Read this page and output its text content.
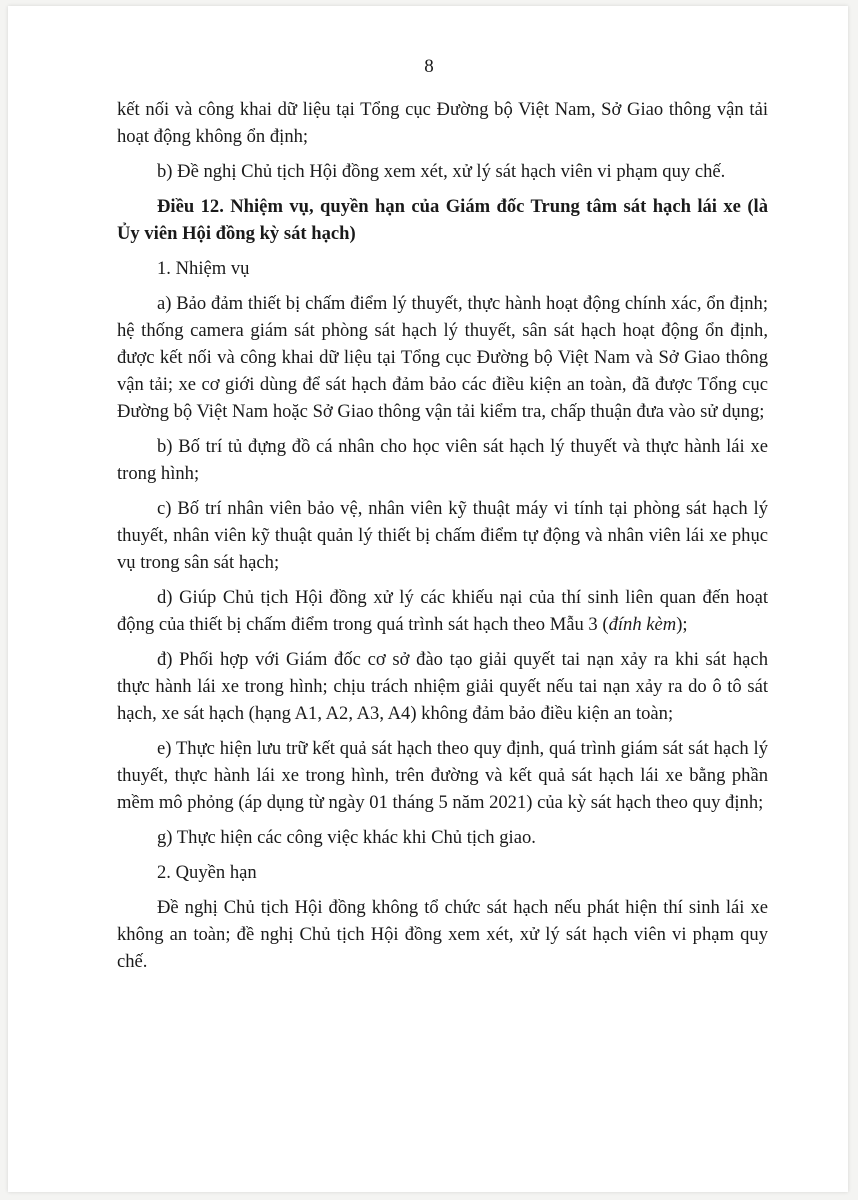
8

kết nối và công khai dữ liệu tại Tổng cục Đường bộ Việt Nam, Sở Giao thông vận tải hoạt động không ổn định;

b) Đề nghị Chủ tịch Hội đồng xem xét, xử lý sát hạch viên vi phạm quy chế.

Điều 12. Nhiệm vụ, quyền hạn của Giám đốc Trung tâm sát hạch lái xe (là Ủy viên Hội đồng kỳ sát hạch)

1. Nhiệm vụ

a) Bảo đảm thiết bị chấm điểm lý thuyết, thực hành hoạt động chính xác, ổn định; hệ thống camera giám sát phòng sát hạch lý thuyết, sân sát hạch hoạt động ổn định, được kết nối và công khai dữ liệu tại Tổng cục Đường bộ Việt Nam và Sở Giao thông vận tải; xe cơ giới dùng để sát hạch đảm bảo các điều kiện an toàn, đã được Tổng cục Đường bộ Việt Nam hoặc Sở Giao thông vận tải kiểm tra, chấp thuận đưa vào sử dụng;

b) Bố trí tủ đựng đồ cá nhân cho học viên sát hạch lý thuyết và thực hành lái xe trong hình;

c) Bố trí nhân viên bảo vệ, nhân viên kỹ thuật máy vi tính tại phòng sát hạch lý thuyết, nhân viên kỹ thuật quản lý thiết bị chấm điểm tự động và nhân viên lái xe phục vụ trong sân sát hạch;

d) Giúp Chủ tịch Hội đồng xử lý các khiếu nại của thí sinh liên quan đến hoạt động của thiết bị chấm điểm trong quá trình sát hạch theo Mẫu 3 (đính kèm);

đ) Phối hợp với Giám đốc cơ sở đào tạo giải quyết tai nạn xảy ra khi sát hạch thực hành lái xe trong hình; chịu trách nhiệm giải quyết nếu tai nạn xảy ra do ô tô sát hạch, xe sát hạch (hạng A1, A2, A3, A4) không đảm bảo điều kiện an toàn;

e) Thực hiện lưu trữ kết quả sát hạch theo quy định, quá trình giám sát sát hạch lý thuyết, thực hành lái xe trong hình, trên đường và kết quả sát hạch lái xe bằng phần mềm mô phỏng (áp dụng từ ngày 01 tháng 5 năm 2021) của kỳ sát hạch theo quy định;

g) Thực hiện các công việc khác khi Chủ tịch giao.

2. Quyền hạn

Đề nghị Chủ tịch Hội đồng không tổ chức sát hạch nếu phát hiện thí sinh lái xe không an toàn; đề nghị Chủ tịch Hội đồng xem xét, xử lý sát hạch viên vi phạm quy chế.
